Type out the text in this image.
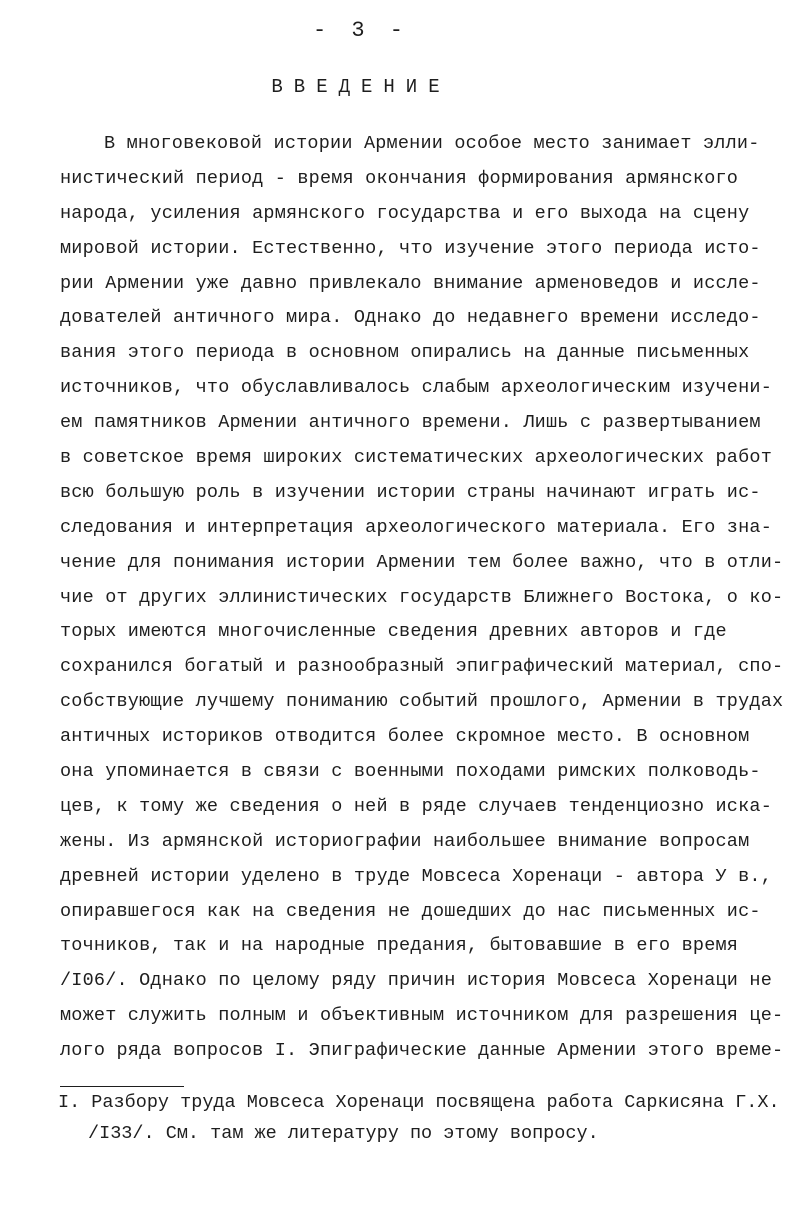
- 3 -
ВВЕДЕНИЕ
В многовековой истории Армении особое место занимает элли-
нистический период - время окончания формирования армянского
народа, усиления армянского государства и его выхода на сцену
мировой истории. Естественно, что изучение этого периода исто-
рии Армении уже давно привлекало внимание арменоведов и иссле-
дователей античного мира. Однако до недавнего времени исследо-
вания этого периода в основном опирались на данные письменных
источников, что обуславливалось слабым археологическим изучени-
ем памятников Армении античного времени. Лишь с развертыванием
в советское время широких систематических археологических работ
всю большую роль в изучении истории страны начинают играть ис-
следования и интерпретация археологического материала. Его зна-
чение для понимания истории Армении тем более важно, что в отли-
чие от других эллинистических государств Ближнего Востока, о ко-
торых имеются многочисленные сведения древних авторов и где
сохранился богатый и разнообразный эпиграфический материал, спо-
собствующие лучшему пониманию событий прошлого, Армении в трудах
античных историков отводится более скромное место. В основном
она упоминается в связи с военными походами римских полководь-
цев, к тому же сведения о ней в ряде случаев тенденциозно иска-
жены. Из армянской историографии наибольшее внимание вопросам
древней истории уделено в труде Мовсеса Хоренаци - автора У в.,
опиравшегося как на сведения не дошедших до нас письменных ис-
точников, так и на народные предания, бытовавшие в его время
/I06/. Однако по целому ряду причин история Мовсеса Хоренаци не
может служить полным и объективным источником для разрешения це-
лого ряда вопросов I. Эпиграфические данные Армении этого време-
I. Разбору труда Мовсеса Хоренаци посвящена работа Саркисяна Г.Х.
/I33/. См. там же литературу по этому вопросу.
